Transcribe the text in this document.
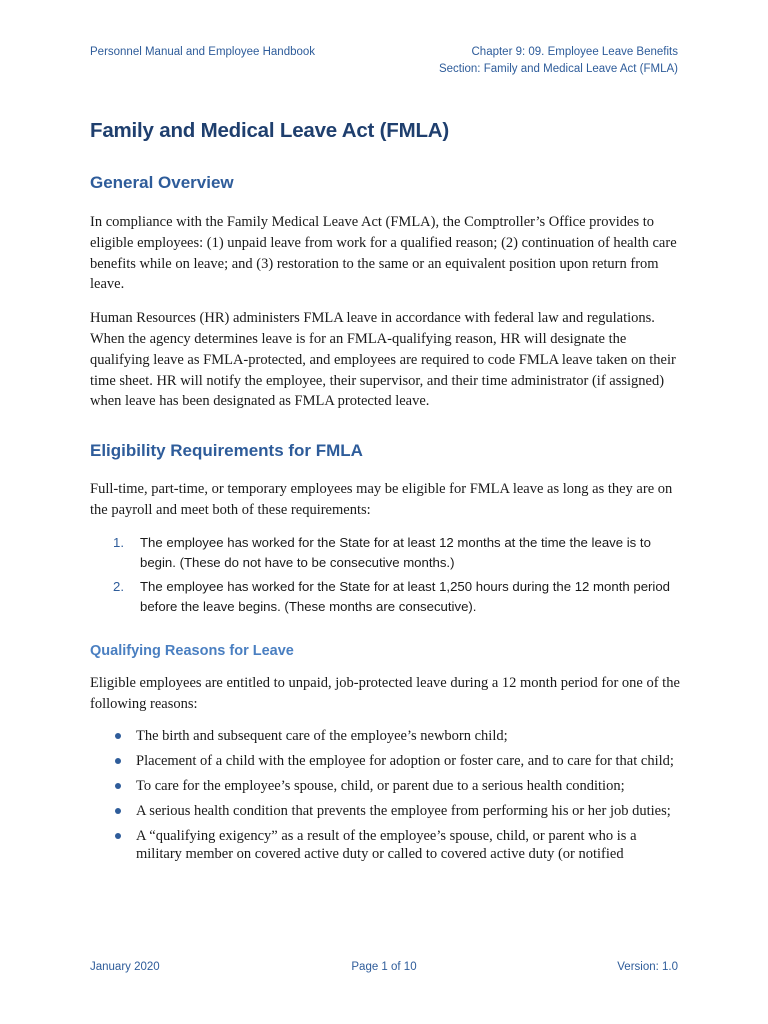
Personnel Manual and Employee Handbook	Chapter 9: 09. Employee Leave Benefits
Section: Family and Medical Leave Act (FMLA)
Family and Medical Leave Act (FMLA)
General Overview

In compliance with the Family Medical Leave Act (FMLA), the Comptroller’s Office provides to eligible employees: (1) unpaid leave from work for a qualified reason; (2) continuation of health care benefits while on leave; and (3) restoration to the same or an equivalent position upon return from leave.

Human Resources (HR) administers FMLA leave in accordance with federal law and regulations. When the agency determines leave is for an FMLA-qualifying reason, HR will designate the qualifying leave as FMLA-protected, and employees are required to code FMLA leave taken on their time sheet. HR will notify the employee, their supervisor, and their time administrator (if assigned) when leave has been designated as FMLA protected leave.

Eligibility Requirements for FMLA

Full-time, part-time, or temporary employees may be eligible for FMLA leave as long as they are on the payroll and meet both of these requirements:

1. The employee has worked for the State for at least 12 months at the time the leave is to begin. (These do not have to be consecutive months.)
2. The employee has worked for the State for at least 1,250 hours during the 12 month period before the leave begins. (These months are consecutive).
Qualifying Reasons for Leave

Eligible employees are entitled to unpaid, job-protected leave during a 12 month period for one of the following reasons:

The birth and subsequent care of the employee’s newborn child;
Placement of a child with the employee for adoption or foster care, and to care for that child;
To care for the employee’s spouse, child, or parent due to a serious health condition;
A serious health condition that prevents the employee from performing his or her job duties;
A “qualifying exigency” as a result of the employee’s spouse, child, or parent who is a military member on covered active duty or called to covered active duty (or notified
January 2020	Page 1 of 10	Version: 1.0
